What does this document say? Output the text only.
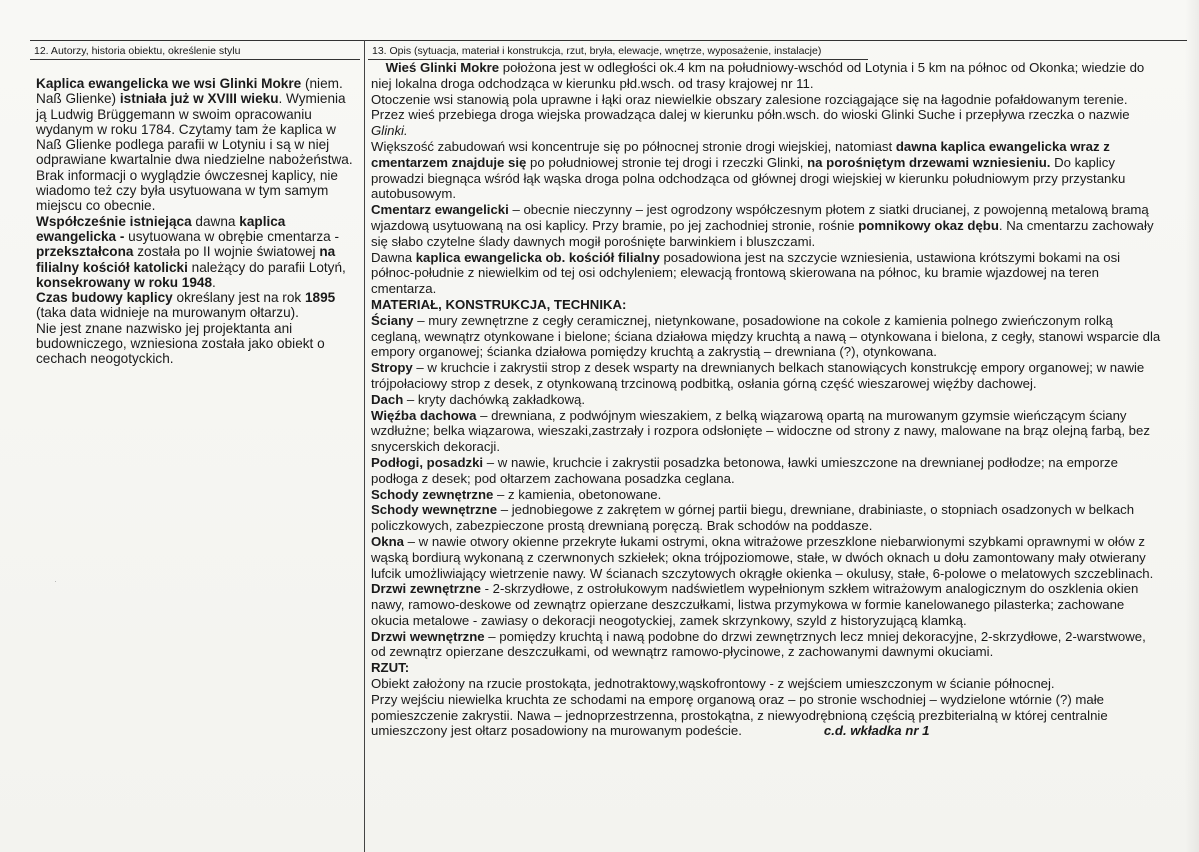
12. Autorzy, historia obiektu, określenie stylu	13. Opis (sytuacja, materiał i konstrukcja, rzut, bryła, elewacje, wnętrze, wyposażenie, instalacje)

Kaplica ewangelicka we wsi Glinki Mokre (niem. Naß Glienke) istniała już w XVIII wieku. Wymienia ją Ludwig Brüggemann w swoim opracowaniu wydanym w roku 1784. Czytamy tam że kaplica w Naß Glienke podlega parafii w Lotyniu i są w niej odprawiane kwartalnie dwa niedzielne nabożeństwa.

Brak informacji o wyglądzie ówczesnej kaplicy, nie wiadomo też czy była usytuowana w tym samym miejscu co obecnie.

Współcześnie istniejąca dawna kaplica ewangelicka - usytuowana w obrębie cmentarza - przekształcona została po II wojnie światowej na filialny kościół katolicki należący do parafii Lotyń, konsekrowany w roku 1948.

Czas budowy kaplicy określany jest na rok 1895 (taka data widnieje na murowanym ołtarzu).

Nie jest znane nazwisko jej projektanta ani budowniczego, wzniesiona została jako obiekt o cechach neogotyckich.

·

Wieś Glinki Mokre położona jest w odległości ok.4 km na południowy-wschód od Lotynia i 5 km na północ od Okonka; wiedzie do niej lokalna droga odchodząca w kierunku płd.wsch. od trasy krajowej nr 11.

Otoczenie wsi stanowią pola uprawne i łąki oraz niewielkie obszary zalesione rozciągające się na łagodnie pofałdowanym terenie. Przez wieś przebiega droga wiejska prowadząca dalej w kierunku półn.wsch. do wioski Glinki Suche i przepływa rzeczka o nazwie Glinki.

Większość zabudowań wsi koncentruje się po północnej stronie drogi wiejskiej, natomiast dawna kaplica ewangelicka wraz z cmentarzem znajduje się po południowej stronie tej drogi i rzeczki Glinki, na porośniętym drzewami wzniesieniu. Do kaplicy prowadzi biegnąca wśród łąk wąska droga polna odchodząca od głównej drogi wiejskiej w kierunku południowym przy przystanku autobusowym.

Cmentarz ewangelicki – obecnie nieczynny – jest ogrodzony współczesnym płotem z siatki drucianej, z powojenną metalową bramą wjazdową usytuowaną na osi kaplicy. Przy bramie, po jej zachodniej stronie, rośnie pomnikowy okaz dębu. Na cmentarzu zachowały się słabo czytelne ślady dawnych mogił porośnięte barwinkiem i bluszczami.

Dawna kaplica ewangelicka ob. kościół filialny posadowiona jest na szczycie wzniesienia, ustawiona krótszymi bokami na osi północ-południe z niewielkim od tej osi odchyleniem; elewacją frontową skierowana na północ, ku bramie wjazdowej na teren cmentarza.

MATERIAŁ, KONSTRUKCJA, TECHNIKA:

Ściany – mury zewnętrzne z cegły ceramicznej, nietynkowane, posadowione na cokole z kamienia polnego zwieńczonym rolką ceglaną, wewnątrz otynkowane i bielone; ściana działowa między kruchtą a nawą – otynkowana i bielona, z cegły, stanowi wsparcie dla empory organowej; ścianka działowa pomiędzy kruchtą a zakrystią – drewniana (?), otynkowana.

Stropy – w kruchcie i zakrystii strop z desek wsparty na drewnianych belkach stanowiących konstrukcję empory organowej; w nawie trójpołaciowy strop z desek, z otynkowaną trzcinową podbitką, osłania górną część wieszarowej więźby dachowej.

Dach – kryty dachówką zakładkową.

Więźba dachowa – drewniana, z podwójnym wieszakiem, z belką wiązarową opartą na murowanym gzymsie wieńczącym ściany wzdłużne; belka wiązarowa, wieszaki,zastrzały i rozpora odsłonięte – widoczne od strony z nawy, malowane na brąz olejną farbą, bez snycerskich dekoracji.

Podłogi, posadzki – w nawie, kruchcie i zakrystii posadzka betonowa, ławki umieszczone na drewnianej podłodze; na emporze podłoga z desek; pod ołtarzem zachowana posadzka ceglana.

Schody zewnętrzne – z kamienia, obetonowane.

Schody wewnętrzne – jednobiegowe z zakrętem w górnej partii biegu, drewniane, drabiniaste, o stopniach osadzonych w belkach policzkowych, zabezpieczone prostą drewnianą poręczą. Brak schodów na poddasze.

Okna – w nawie otwory okienne przekryte łukami ostrymi, okna witrażowe przeszklone niebarwionymi szybkami oprawnymi w ołów z wąską bordiurą wykonaną z czerwnonych szkiełek; okna trójpoziomowe, stałe, w dwóch oknach u dołu zamontowany mały otwierany lufcik umożliwiający wietrzenie nawy. W ścianach szczytowych okrągłe okienka – okulusy, stałe, 6-polowe o melatowych szczeblinach.

Drzwi zewnętrzne - 2-skrzydłowe, z ostrołukowym nadświetlem wypełnionym szkłem witrażowym analogicznym do oszklenia okien nawy, ramowo-deskowe od zewnątrz opierzane deszczułkami, listwa przymykowa w formie kanelowanego pilasterka; zachowane okucia metalowe - zawiasy o dekoracji neogotyckiej, zamek skrzynkowy, szyld z historyzującą klamką.

Drzwi wewnętrzne – pomiędzy kruchtą i nawą podobne do drzwi zewnętrznych lecz mniej dekoracyjne, 2-skrzydłowe, 2-warstwowe, od zewnątrz opierzane deszczułkami, od wewnątrz ramowo-płycinowe, z zachowanymi dawnymi okuciami.

RZUT:

Obiekt założony na rzucie prostokąta, jednotraktowy,wąskofrontowy - z wejściem umieszczonym w ścianie północnej.

Przy wejściu niewielka kruchta ze schodami na emporę organową oraz – po stronie wschodniej – wydzielone wtórnie (?) małe pomieszczenie zakrystii. Nawa – jednoprzestrzenna, prostokątna, z niewyodrębnioną częścią prezbiterialną w której centralnie umieszczony jest ołtarz posadowiony na murowanym podeście.	c.d. wkładka nr 1
